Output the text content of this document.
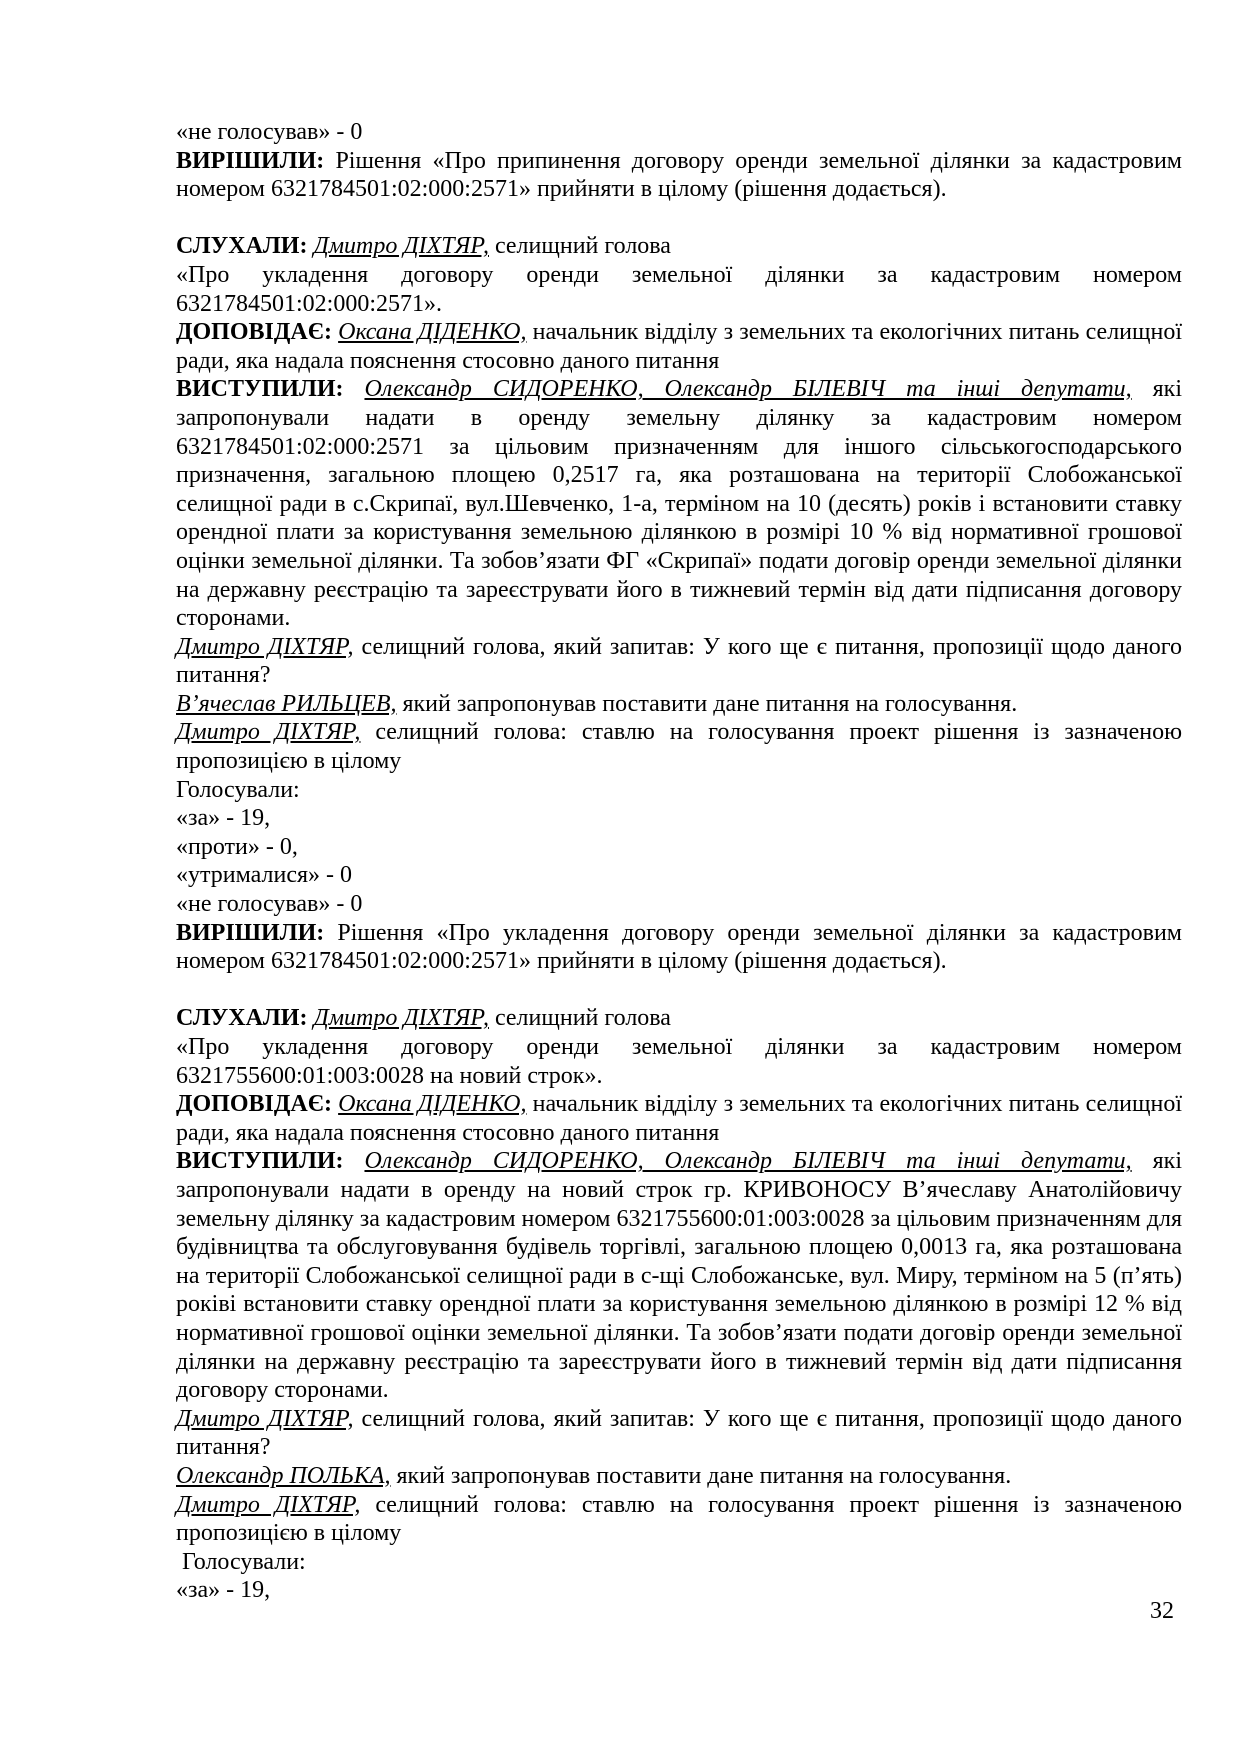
«не голосував» - 0

ВИРІШИЛИ: Рішення «Про припинення договору оренди земельної ділянки за кадастровим номером 6321784501:02:000:2571» прийняти в цілому (рішення додається).

СЛУХАЛИ: Дмитро ДІХТЯР, селищний голова

«Про укладення договору оренди земельної ділянки за кадастровим номером 6321784501:02:000:2571».

ДОПОВІДАЄ: Оксана ДІДЕНКО, начальник відділу з земельних та екологічних питань селищної ради, яка надала пояснення стосовно даного питання

ВИСТУПИЛИ: Олександр СИДОРЕНКО, Олександр БІЛЕВІЧ та інші депутати, які запропонували надати в оренду земельну ділянку за кадастровим номером 6321784501:02:000:2571 за цільовим призначенням для іншого сільськогосподарського призначення, загальною площею 0,2517 га, яка розташована на території Слобожанської селищної ради в с.Скрипаї, вул.Шевченко, 1-а, терміном на 10 (десять) років і встановити ставку орендної плати за користування земельною ділянкою в розмірі 10 % від нормативної грошової оцінки земельної ділянки. Та зобов’язати ФГ «Скрипаї» подати договір оренди земельної ділянки на державну реєстрацію та зареєструвати його в тижневий термін від дати підписання договору сторонами.

Дмитро ДІХТЯР, селищний голова, який запитав: У кого ще є питання, пропозиції щодо даного питання?

В’ячеслав РИЛЬЦЕВ, який запропонував поставити дане питання на голосування.

Дмитро ДІХТЯР, селищний голова: ставлю на голосування проект рішення із зазначеною пропозицією в цілому

Голосували:

«за» - 19,

«проти» - 0,

«утрималися» - 0

«не голосував» - 0

ВИРІШИЛИ: Рішення «Про укладення договору оренди земельної ділянки за кадастровим номером 6321784501:02:000:2571» прийняти в цілому (рішення додається).

СЛУХАЛИ: Дмитро ДІХТЯР, селищний голова

«Про укладення договору оренди земельної ділянки за кадастровим номером 6321755600:01:003:0028 на новий строк».

ДОПОВІДАЄ: Оксана ДІДЕНКО, начальник відділу з земельних та екологічних питань селищної ради, яка надала пояснення стосовно даного питання

ВИСТУПИЛИ: Олександр СИДОРЕНКО, Олександр БІЛЕВІЧ та інші депутати, які запропонували надати в оренду на новий строк гр. КРИВОНОСУ В’ячеславу Анатолійовичу земельну ділянку за кадастровим номером 6321755600:01:003:0028 за цільовим призначенням для будівництва та обслуговування будівель торгівлі, загальною площею 0,0013 га, яка розташована на території Слобожанської селищної ради в с-щі Слобожанське, вул. Миру, терміном на 5 (п’ять) роківі встановити ставку орендної плати за користування земельною ділянкою в розмірі 12 % від нормативної грошової оцінки земельної ділянки. Та зобов’язати подати договір оренди земельної ділянки на державну реєстрацію та зареєструвати його в тижневий термін від дати підписання договору сторонами.

Дмитро ДІХТЯР, селищний голова, який запитав: У кого ще є питання, пропозиції щодо даного питання?

Олександр ПОЛЬКА, який запропонував поставити дане питання на голосування.

Дмитро ДІХТЯР, селищний голова: ставлю на голосування проект рішення із зазначеною пропозицією в цілому

Голосували:

«за» - 19,

32
